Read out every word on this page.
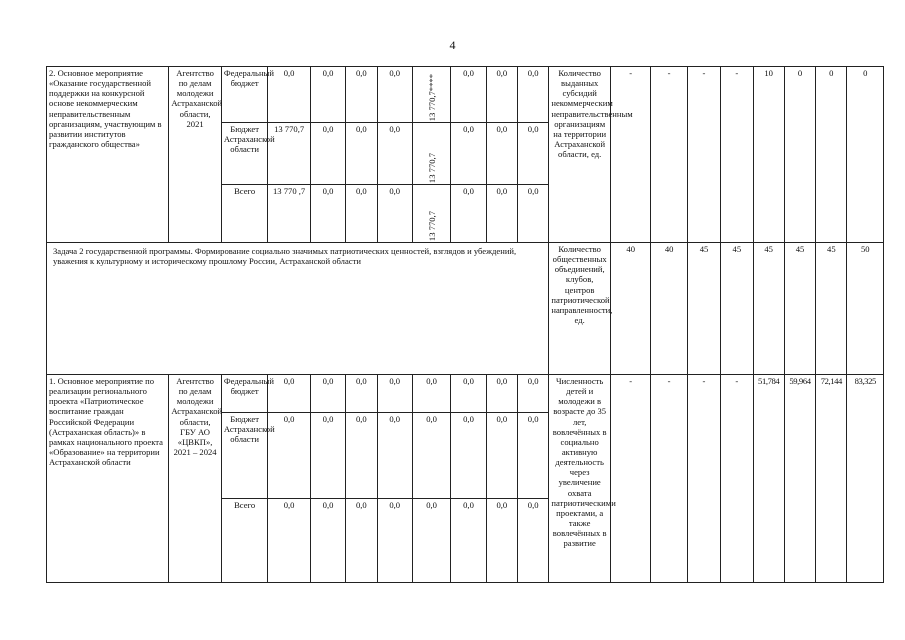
4
2. Основное мероприятие «Оказание государственной поддержки на конкурсной основе некоммерческим неправительственным организациям, участвующим в развитии институтов гражданского общества»	Агентство по делам молодежи Астраханской области, 2021	Федеральный бюджет	0,0	0,0	0,0	0,0	13 770,7****	0,0	0,0	0,0	Количество выданных субсидий некоммерческим неправительственным организациям на территории Астраханской области, ед.	-	-	-	-	10	0	0	0
		Бюджет Астраханской области	13 770,7	0,0	0,0	0,0	13 770,7	0,0	0,0	0,0									
		Всего	13 770 ,7	0,0	0,0	0,0	13 770,7	0,0	0,0	0,0									
Задача 2 государственной программы. Формирование социально значимых патриотических ценностей, взглядов и убеждений, уважения к культурному и историческому прошлому России, Астраханской области											Количество общественных объединений, клубов, центров патриотической направленности, ед.	40	40	45	45	45	45	45	50
1. Основное мероприятие по реализации регионального проекта «Патриотическое воспитание граждан Российской Федерации (Астраханская область)» в рамках национального проекта «Образование» на территории Астраханской области	Агентство по делам молодежи Астраханской области, ГБУ АО «ЦВКП», 2021 – 2024	Федеральный бюджет	0,0	0,0	0,0	0,0	0,0	0,0	0,0	0,0	Численность детей и молодежи в возрасте до 35 лет, вовлечённых в социально активную деятельность через увеличение охвата патриотическими проектами, а также вовлечённых в развитие	-	-	-	-	51,784	59,964	72,144	83,325
		Бюджет Астраханской области	0,0	0,0	0,0	0,0	0,0	0,0	0,0	0,0									
		Всего	0,0	0,0	0,0	0,0	0,0	0,0	0,0	0,0									
